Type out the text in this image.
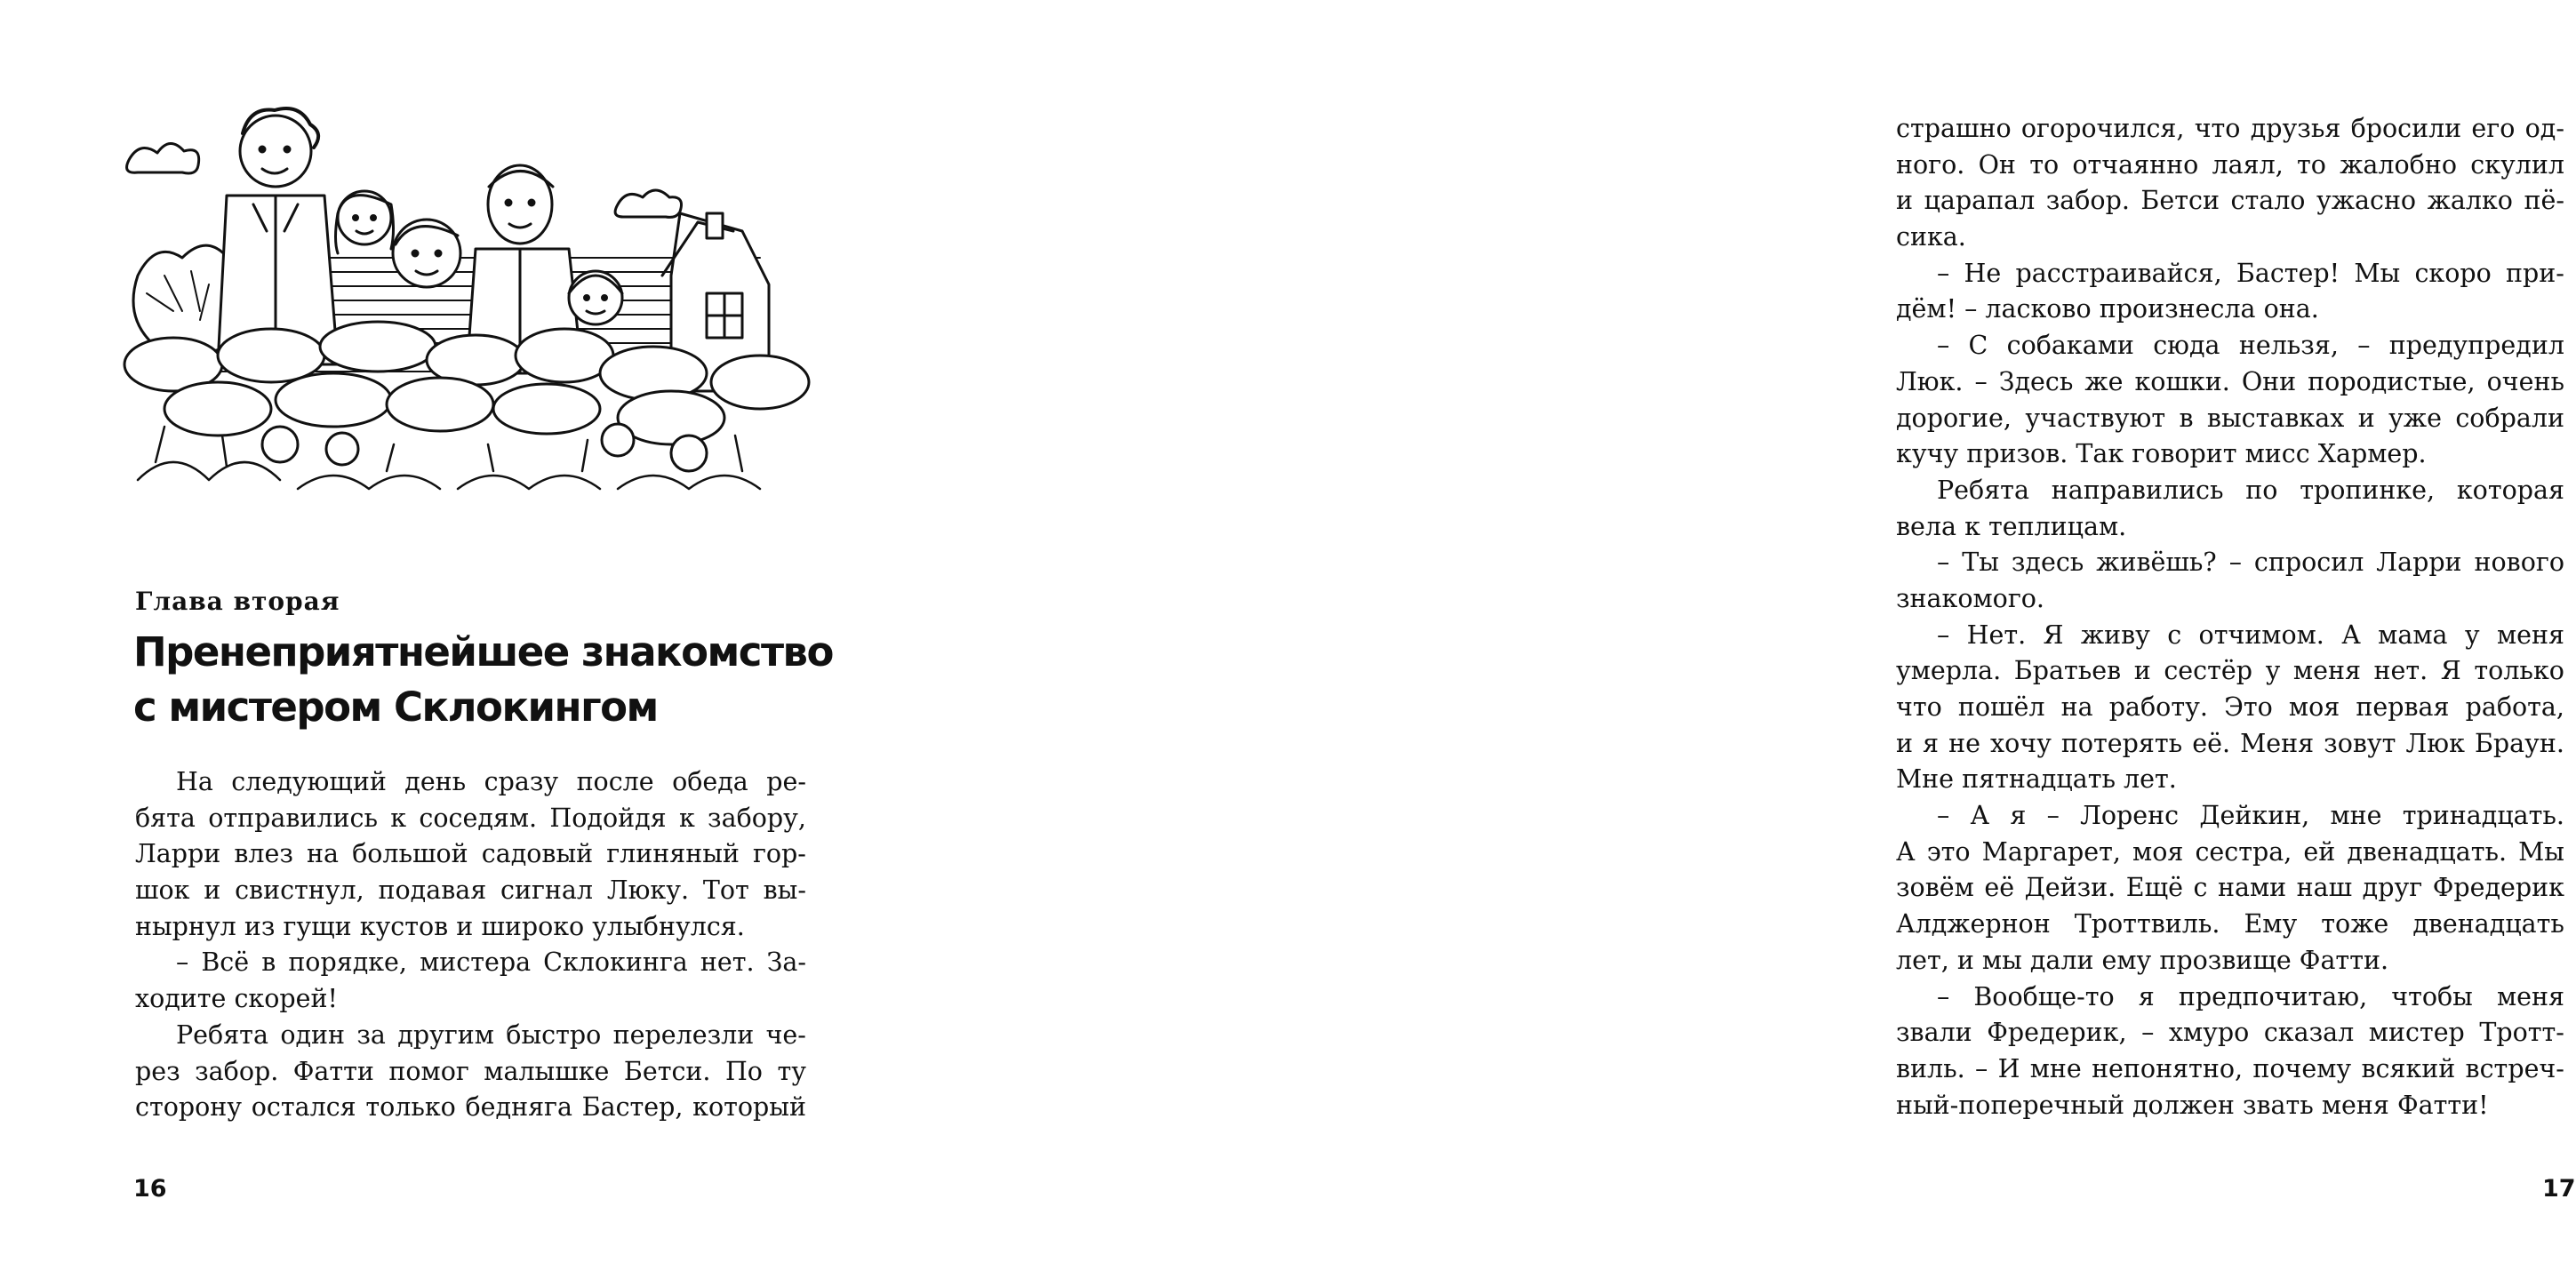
Глава вторая
Пренеприятнейшее знакомство
с мистером Склокингом
На следующий день сразу после обеда ре-
бята отправились к соседям. Подойдя к забору,
Ларри влез на большой садовый глиняный гор-
шок и свистнул, подавая сигнал Люку. Тот вы-
нырнул из гущи кустов и широко улыбнулся.
– Всё в порядке, мистера Склокинга нет. За-
ходите скорей!
Ребята один за другим быстро перелезли че-
рез забор. Фатти помог малышке Бетси. По ту
сторону остался только бедняга Бастер, который
16
страшно огорочился, что друзья бросили его од-
ного. Он то отчаянно лаял, то жалобно скулил
и царапал забор. Бетси стало ужасно жалко пё-
сика.
– Не расстраивайся, Бастер! Мы скоро при-
дём! – ласково произнесла она.
– С собаками сюда нельзя, – предупредил
Люк. – Здесь же кошки. Они породистые, очень
дорогие, участвуют в выставках и уже собрали
кучу призов. Так говорит мисс Хармер.
Ребята направились по тропинке, которая
вела к теплицам.
– Ты здесь живёшь? – спросил Ларри нового
знакомого.
– Нет. Я живу с отчимом. А мама у меня
умерла. Братьев и сестёр у меня нет. Я только
что пошёл на работу. Это моя первая работа,
и я не хочу потерять её. Меня зовут Люк Браун.
Мне пятнадцать лет.
– А я – Лоренс Дейкин, мне тринадцать.
А это Маргарет, моя сестра, ей двенадцать. Мы
зовём её Дейзи. Ещё с нами наш друг Фредерик
Алджернон Троттвиль. Ему тоже двенадцать
лет, и мы дали ему прозвище Фатти.
– Вообще-то я предпочитаю, чтобы меня
звали Фредерик, – хмуро сказал мистер Тротт-
виль. – И мне непонятно, почему всякий встреч-
ный-поперечный должен звать меня Фатти!
17
